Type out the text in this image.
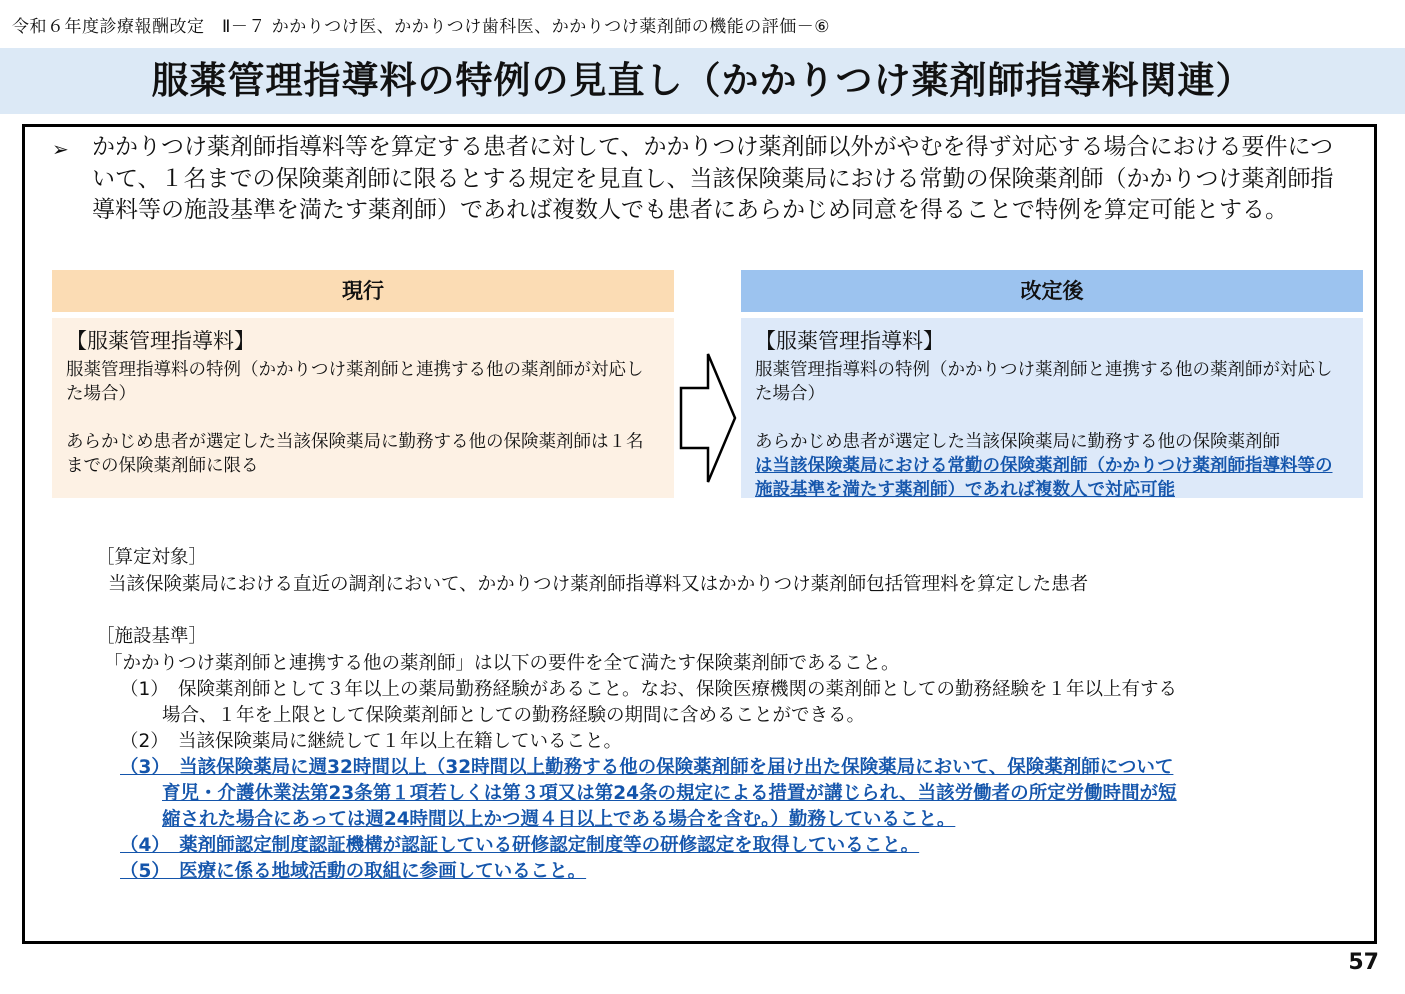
令和６年度診療報酬改定　Ⅱ－７ かかりつけ医、かかりつけ歯科医、かかりつけ薬剤師の機能の評価－⑥
服薬管理指導料の特例の見直し（かかりつけ薬剤師指導料関連）
➢ かかりつけ薬剤師指導料等を算定する患者に対して、かかりつけ薬剤師以外がやむを得ず対応する場合における要件について、１名までの保険薬剤師に限るとする規定を見直し、当該保険薬局における常勤の保険薬剤師（かかりつけ薬剤師指導料等の施設基準を満たす薬剤師）であれば複数人でも患者にあらかじめ同意を得ることで特例を算定可能とする。
現行
【服薬管理指導料】
服薬管理指導料の特例（かかりつけ薬剤師と連携する他の薬剤師が対応した場合）
あらかじめ患者が選定した当該保険薬局に勤務する他の保険薬剤師は１名までの保険薬剤師に限る
改定後
【服薬管理指導料】
服薬管理指導料の特例（かかりつけ薬剤師と連携する他の薬剤師が対応した場合）
あらかじめ患者が選定した当該保険薬局に勤務する他の保険薬剤師
は当該保険薬局における常勤の保険薬剤師（かかりつけ薬剤師指導料等の施設基準を満たす薬剤師）であれば複数人で対応可能
［算定対象］
当該保険薬局における直近の調剤において、かかりつけ薬剤師指導料又はかかりつけ薬剤師包括管理料を算定した患者
［施設基準］
「かかりつけ薬剤師と連携する他の薬剤師」は以下の要件を全て満たす保険薬剤師であること。
（1）　保険薬剤師として３年以上の薬局勤務経験があること。なお、保険医療機関の薬剤師としての勤務経験を１年以上有する
場合、１年を上限として保険薬剤師としての勤務経験の期間に含めることができる。
（2）　当該保険薬局に継続して１年以上在籍していること。
（3）　当該保険薬局に週32時間以上（32時間以上勤務する他の保険薬剤師を届け出た保険薬局において、保険薬剤師について
育児・介護休業法第23条第１項若しくは第３項又は第24条の規定による措置が講じられ、当該労働者の所定労働時間が短
縮された場合にあっては週24時間以上かつ週４日以上である場合を含む。）勤務していること。
（4）　薬剤師認定制度認証機構が認証している研修認定制度等の研修認定を取得していること。
（5）　医療に係る地域活動の取組に参画していること。
57
